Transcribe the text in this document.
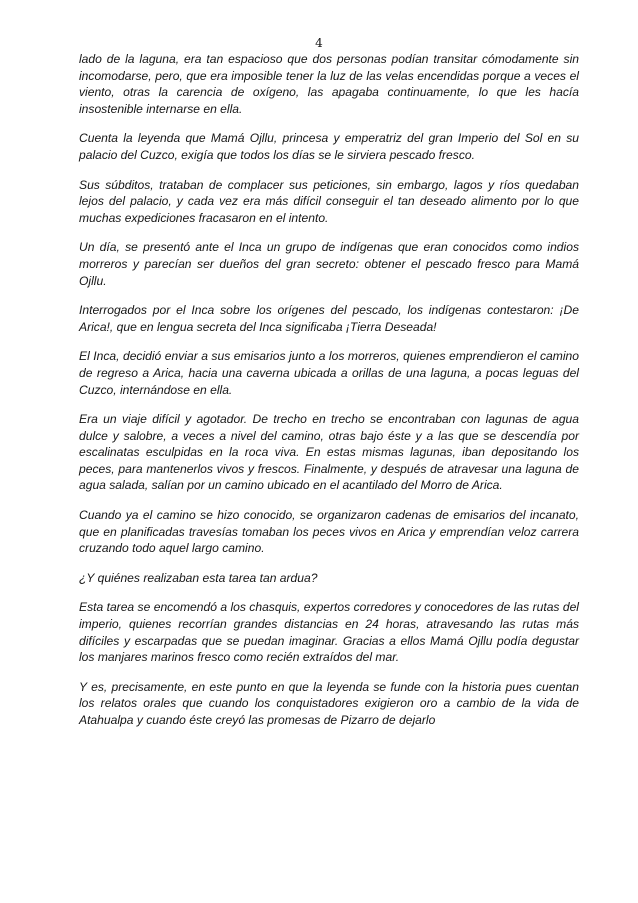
4

lado de la laguna, era tan espacioso que dos personas podían transitar cómodamente sin incomodarse, pero, que era imposible tener la luz de las velas encendidas porque a veces el viento, otras la carencia de oxígeno, las apagaba continuamente, lo que les hacía insostenible internarse en ella.

Cuenta la leyenda que Mamá Ojllu, princesa y emperatriz del gran Imperio del Sol en su palacio del Cuzco, exigía que todos los días se le sirviera pescado fresco.

Sus súbditos, trataban de complacer sus peticiones, sin embargo, lagos y ríos quedaban lejos del palacio, y cada vez era más difícil conseguir el tan deseado alimento por lo que muchas expediciones fracasaron en el intento.

Un día, se presentó ante el Inca un grupo de indígenas que eran conocidos como indios morreros y parecían ser dueños del gran secreto: obtener el pescado fresco para Mamá Ojllu.

Interrogados por el Inca sobre los orígenes del pescado, los indígenas contestaron: ¡De Arica!, que en lengua secreta del Inca significaba ¡Tierra Deseada!

El Inca, decidió enviar a sus emisarios junto a los morreros, quienes emprendieron el camino de regreso a Arica, hacia una caverna ubicada a orillas de una laguna, a pocas leguas del Cuzco, internándose en ella.

Era un viaje difícil y agotador. De trecho en trecho se encontraban con lagunas de agua dulce y salobre, a veces a nivel del camino, otras bajo éste y a las que se descendía por escalinatas esculpidas en la roca viva. En estas mismas lagunas, iban depositando los peces, para mantenerlos vivos y frescos. Finalmente, y después de atravesar una laguna de agua salada, salían por un camino ubicado en el acantilado del Morro de Arica.

Cuando ya el camino se hizo conocido, se organizaron cadenas de emisarios del incanato, que en planificadas travesías tomaban los peces vivos en Arica y emprendían veloz carrera cruzando todo aquel largo camino.

¿Y quiénes realizaban esta tarea tan ardua?

Esta tarea se encomendó a los chasquis, expertos corredores y conocedores de las rutas del imperio, quienes recorrían grandes distancias en 24 horas, atravesando las rutas más difíciles y escarpadas que se puedan imaginar. Gracias a ellos Mamá Ojllu podía degustar los manjares marinos fresco como recién extraídos del mar.

Y es, precisamente, en este punto en que la leyenda se funde con la historia pues cuentan los relatos orales que cuando los conquistadores exigieron oro a cambio de la vida de Atahualpa y cuando éste creyó las promesas de Pizarro de dejarlo
